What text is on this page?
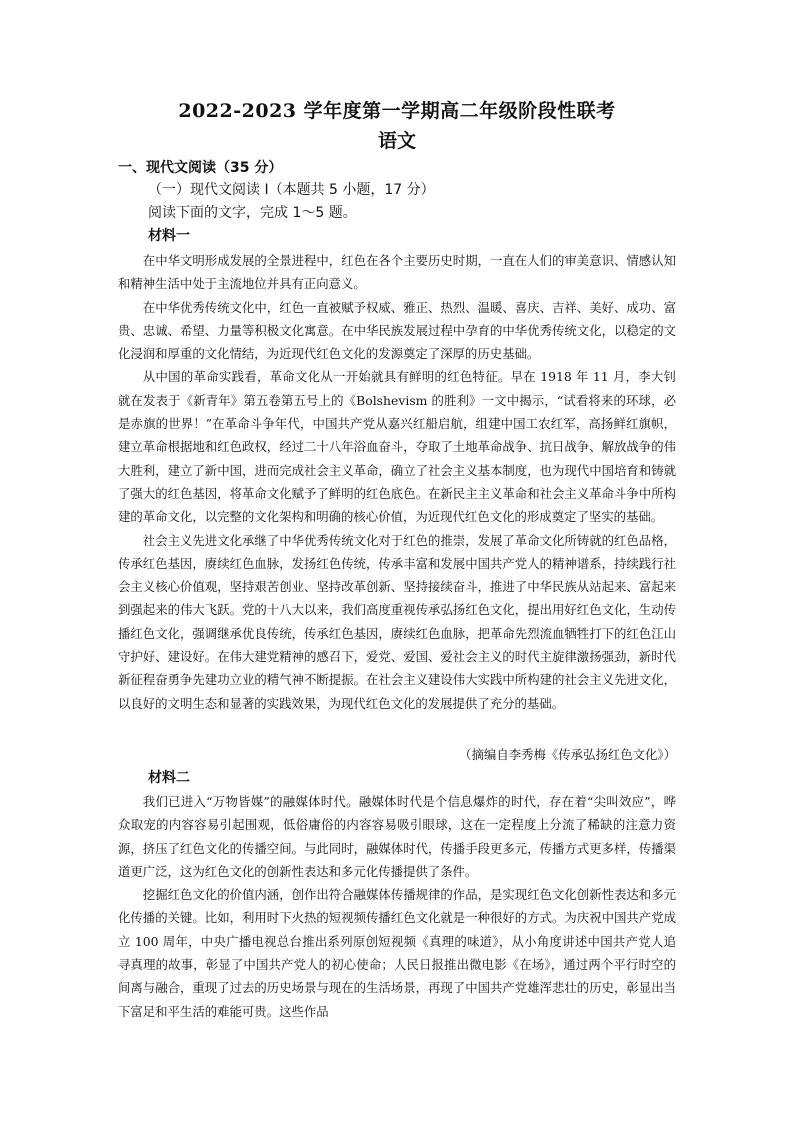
2022-2023 学年度第一学期高二年级阶段性联考
语文
一、现代文阅读（35 分）
（一）现代文阅读 I（本题共 5 小题，17 分）
阅读下面的文字，完成 1～5 题。
材料一

在中华文明形成发展的全景进程中，红色在各个主要历史时期，一直在人们的审美意识、情感认知和精神生活中处于主流地位并具有正向意义。

在中华优秀传统文化中，红色一直被赋予权威、雅正、热烈、温暖、喜庆、吉祥、美好、成功、富贵、忠诚、希望、力量等积极文化寓意。在中华民族发展过程中孕育的中华优秀传统文化，以稳定的文化浸润和厚重的文化情结，为近现代红色文化的发源奠定了深厚的历史基础。

从中国的革命实践看，革命文化从一开始就具有鲜明的红色特征。早在 1918 年 11 月，李大钊就在发表于《新青年》第五卷第五号上的《Bolshevism 的胜利》一文中揭示，“试看将来的环球，必是赤旗的世界！”在革命斗争年代，中国共产党从嘉兴红船启航，组建中国工农红军，高扬鲜红旗帜，建立革命根据地和红色政权，经过二十八年浴血奋斗，夺取了土地革命战争、抗日战争、解放战争的伟大胜利，建立了新中国，进而完成社会主义革命，确立了社会主义基本制度，也为现代中国培育和铸就了强大的红色基因，将革命文化赋予了鲜明的红色底色。在新民主主义革命和社会主义革命斗争中所构建的革命文化，以完整的文化架构和明确的核心价值，为近现代红色文化的形成奠定了坚实的基础。

社会主义先进文化承继了中华优秀传统文化对于红色的推崇，发展了革命文化所铸就的红色品格，传承红色基因，赓续红色血脉，发扬红色传统，传承丰富和发展中国共产党人的精神谱系，持续践行社会主义核心价值观，坚持艰苦创业、坚持改革创新、坚持接续奋斗，推进了中华民族从站起来、富起来到强起来的伟大飞跃。党的十八大以来，我们高度重视传承弘扬红色文化，提出用好红色文化，生动传播红色文化，强调继承优良传统，传承红色基因，赓续红色血脉，把革命先烈流血牺牲打下的红色江山守护好、建设好。在伟大建党精神的感召下，爱党、爱国、爱社会主义的时代主旋律激扬强劲，新时代新征程奋勇争先建功立业的精气神不断提振。在社会主义建设伟大实践中所构建的社会主义先进文化，以良好的文明生态和显著的实践效果，为现代红色文化的发展提供了充分的基础。

（摘编自李秀梅《传承弘扬红色文化》）
材料二

我们已进入“万物皆媒”的融媒体时代。融媒体时代是个信息爆炸的时代，存在着“尖叫效应”，哗众取宠的内容容易引起围观，低俗庸俗的内容容易吸引眼球，这在一定程度上分流了稀缺的注意力资源，挤压了红色文化的传播空间。与此同时，融媒体时代，传播手段更多元，传播方式更多样，传播渠道更广泛，这为红色文化的创新性表达和多元化传播提供了条件。

挖掘红色文化的价值内涵，创作出符合融媒体传播规律的作品，是实现红色文化创新性表达和多元化传播的关键。比如，利用时下火热的短视频传播红色文化就是一种很好的方式。为庆祝中国共产党成立 100 周年，中央广播电视总台推出系列原创短视频《真理的味道》，从小角度讲述中国共产党人追寻真理的故事，彰显了中国共产党人的初心使命；人民日报推出微电影《在场》，通过两个平行时空的间离与融合，重现了过去的历史场景与现在的生活场景，再现了中国共产党雄浑悲壮的历史，彰显出当下富足和平生活的难能可贵。这些作品
